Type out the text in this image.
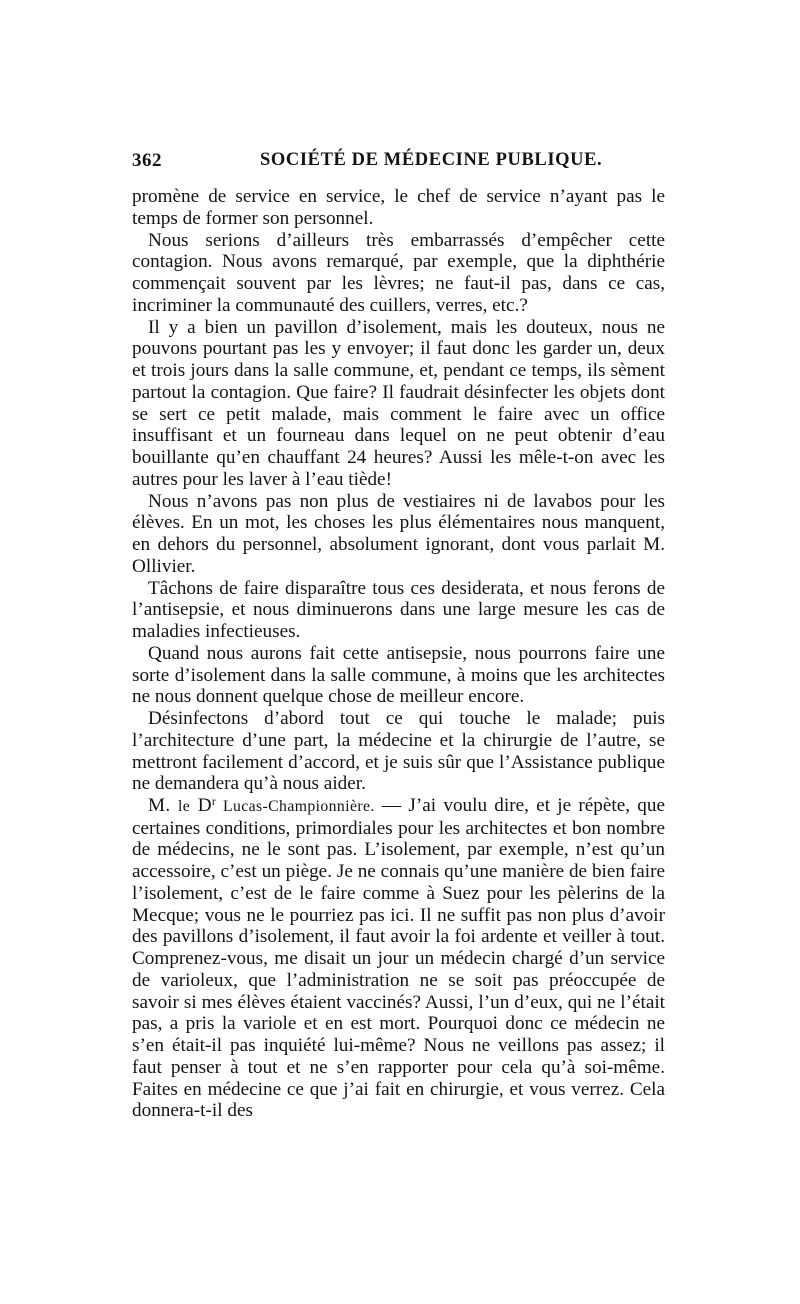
362	SOCIÉTÉ DE MÉDECINE PUBLIQUE.

promène de service en service, le chef de service n’ayant pas le temps de former son personnel.

Nous serions d’ailleurs très embarrassés d’empêcher cette contagion. Nous avons remarqué, par exemple, que la diphthérie commençait souvent par les lèvres; ne faut-il pas, dans ce cas, incriminer la communauté des cuillers, verres, etc.?

Il y a bien un pavillon d’isolement, mais les douteux, nous ne pouvons pourtant pas les y envoyer; il faut donc les garder un, deux et trois jours dans la salle commune, et, pendant ce temps, ils sèment partout la contagion. Que faire? Il faudrait désinfecter les objets dont se sert ce petit malade, mais comment le faire avec un office insuffisant et un fourneau dans lequel on ne peut obtenir d’eau bouillante qu’en chauffant 24 heures? Aussi les mêle-t-on avec les autres pour les laver à l’eau tiède!

Nous n’avons pas non plus de vestiaires ni de lavabos pour les élèves. En un mot, les choses les plus élémentaires nous manquent, en dehors du personnel, absolument ignorant, dont vous parlait M. Ollivier.

Tâchons de faire disparaître tous ces desiderata, et nous ferons de l’antisepsie, et nous diminuerons dans une large mesure les cas de maladies infectieuses.

Quand nous aurons fait cette antisepsie, nous pourrons faire une sorte d’isolement dans la salle commune, à moins que les architectes ne nous donnent quelque chose de meilleur encore.

Désinfectons d’abord tout ce qui touche le malade; puis l’architecture d’une part, la médecine et la chirurgie de l’autre, se mettront facilement d’accord, et je suis sûr que l’Assistance publique ne demandera qu’à nous aider.

M. le $D^r$ Lucas-Championnière. — J’ai voulu dire, et je répète, que certaines conditions, primordiales pour les architectes et bon nombre de médecins, ne le sont pas. L’isolement, par exemple, n’est qu’un accessoire, c’est un piège. Je ne connais qu’une manière de bien faire l’isolement, c’est de le faire comme à Suez pour les pèlerins de la Mecque; vous ne le pourriez pas ici. Il ne suffit pas non plus d’avoir des pavillons d’isolement, il faut avoir la foi ardente et veiller à tout. Comprenez-vous, me disait un jour un médecin chargé d’un service de varioleux, que l’administration ne se soit pas préoccupée de savoir si mes élèves étaient vaccinés? Aussi, l’un d’eux, qui ne l’était pas, a pris la variole et en est mort. Pourquoi donc ce médecin ne s’en était-il pas inquiété lui-même? Nous ne veillons pas assez; il faut penser à tout et ne s’en rapporter pour cela qu’à soi-même. Faites en médecine ce que j’ai fait en chirurgie, et vous verrez. Cela donnera-t-il des
